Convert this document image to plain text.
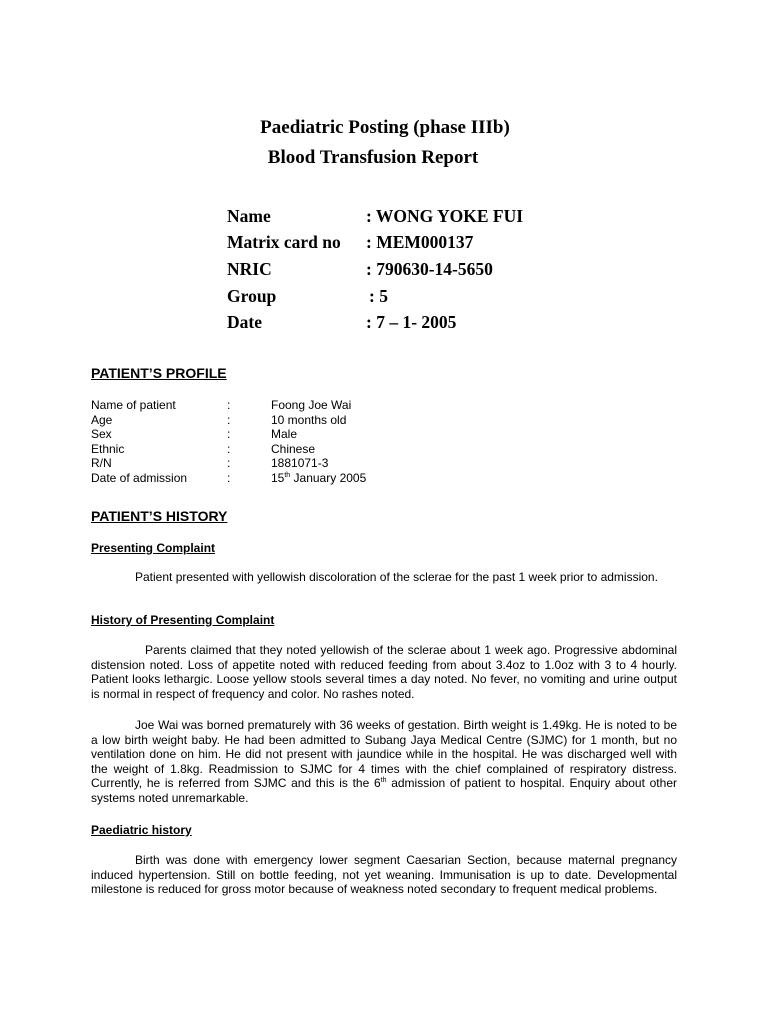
Paediatric Posting (phase IIIb)
Blood Transfusion Report
Name	: WONG YOKE FUI
Matrix card no : MEM000137
NRIC	: 790630-14-5650
Group	: 5
Date	: 7 – 1- 2005
PATIENT’S PROFILE
Name of patient	:	Foong Joe Wai
Age	:	10 months old
Sex	:	Male
Ethnic	:	Chinese
R/N	:	1881071-3
Date of admission	:	15th January 2005
PATIENT’S HISTORY
Presenting Complaint

Patient presented with yellowish discoloration of the sclerae for the past 1 week prior to admission.

History of Presenting Complaint

Parents claimed that they noted yellowish of the sclerae about 1 week ago. Progressive abdominal distension noted. Loss of appetite noted with reduced feeding from about 3.4oz to 1.0oz with 3 to 4 hourly. Patient looks lethargic. Loose yellow stools several times a day noted. No fever, no vomiting and urine output is normal in respect of frequency and color. No rashes noted.

Joe Wai was borned prematurely with 36 weeks of gestation. Birth weight is 1.49kg. He is noted to be a low birth weight baby. He had been admitted to Subang Jaya Medical Centre (SJMC) for 1 month, but no ventilation done on him. He did not present with jaundice while in the hospital. He was discharged well with the weight of 1.8kg. Readmission to SJMC for 4 times with the chief complained of respiratory distress. Currently, he is referred from SJMC and this is the 6th admission of patient to hospital. Enquiry about other systems noted unremarkable.

Paediatric history

Birth was done with emergency lower segment Caesarian Section, because maternal pregnancy induced hypertension. Still on bottle feeding, not yet weaning. Immunisation is up to date. Developmental milestone is reduced for gross motor because of weakness noted secondary to frequent medical problems.
